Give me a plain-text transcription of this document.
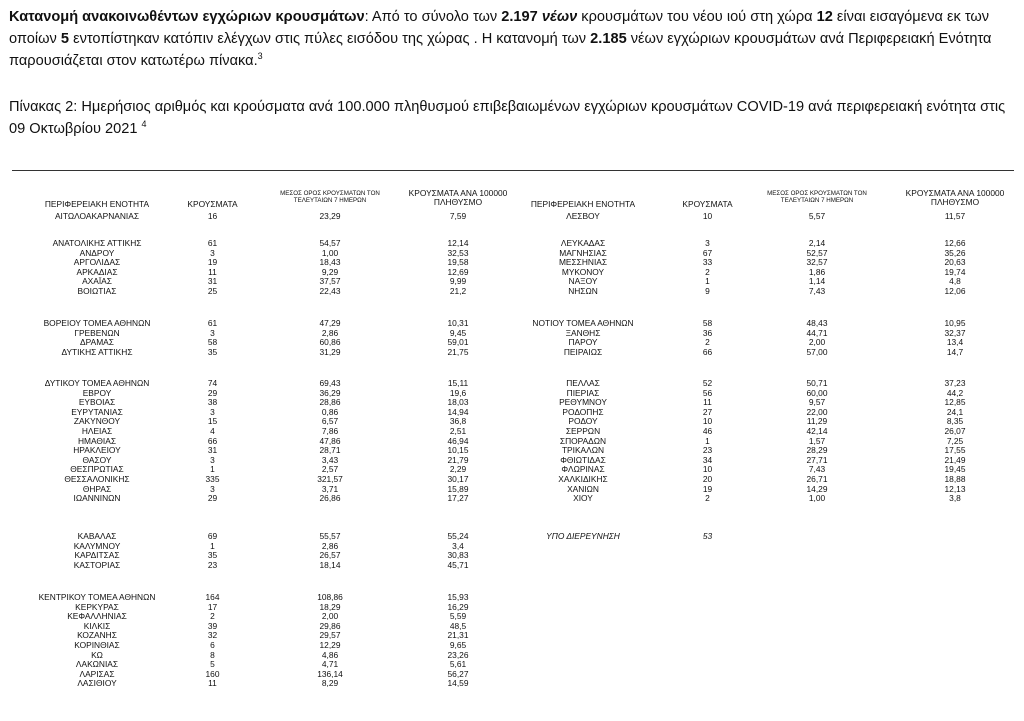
Κατανομή ανακοινωθέντων εγχώριων κρουσμάτων: Από το σύνολο των 2.197 νέων κρουσμάτων του νέου ιού στη χώρα 12 είναι εισαγόμενα εκ των οποίων 5 εντοπίστηκαν κατόπιν ελέγχων στις πύλες εισόδου της χώρας . Η κατανομή των 2.185 νέων εγχώριων κρουσμάτων ανά Περιφερειακή Ενότητα παρουσιάζεται στον κατωτέρω πίνακα.$^3$
Πίνακας 2: Ημερήσιος αριθμός και κρούσματα ανά 100.000 πληθυσμού επιβεβαιωμένων εγχώριων κρουσμάτων COVID-19 ανά περιφερειακή ενότητα στις 09 Οκτωβρίου 2021 $^4$
ΠΕΡΙΦΕΡΕΙΑΚΗ ΕΝΟΤΗΤΑ	ΚΡΟΥΣΜΑΤΑ
ΜΕΣΟΣ ΟΡΟΣ ΚΡΟΥΣΜΑΤΩΝ ΤΟΝ ΤΕΛΕΥΤΑΙΩΝ 7 ΗΜΕΡΩΝ
ΚΡΟΥΣΜΑΤΑ ΑΝΑ 100000 ΠΛΗΘΥΣΜΟ
ΑΙΤΩΛΟΑΚΑΡΝΑΝΙΑΣ	16	23,29	7,59
ΑΝΑΤΟΛΙΚΗΣ ΑΤΤΙΚΗΣ	61	54,57	12,14
ΑΝΔΡΟΥ	3	1,00	32,53
ΑΡΓΟΛΙΔΑΣ	19	18,43	19,58
ΑΡΚΑΔΙΑΣ	11	9,29	12,69
ΑΧΑΪΑΣ	31	37,57	9,99
ΒΟΙΩΤΙΑΣ	25	22,43	21,2
ΒΟΡΕΙΟΥ ΤΟΜΕΑ ΑΘΗΝΩΝ	61	47,29	10,31
ΓΡΕΒΕΝΩΝ	3	2,86	9,45
ΔΡΑΜΑΣ	58	60,86	59,01
ΔΥΤΙΚΗΣ ΑΤΤΙΚΗΣ	35	31,29	21,75
ΔΥΤΙΚΟΥ ΤΟΜΕΑ ΑΘΗΝΩΝ	74	69,43	15,11
ΕΒΡΟΥ	29	36,29	19,6
ΕΥΒΟΙΑΣ	38	28,86	18,03
ΕΥΡΥΤΑΝΙΑΣ	3	0,86	14,94
ΖΑΚΥΝΘΟΥ	15	6,57	36,8
ΗΛΕΙΑΣ	4	7,86	2,51
ΗΜΑΘΙΑΣ	66	47,86	46,94
ΗΡΑΚΛΕΙΟΥ	31	28,71	10,15
ΘΑΣΟΥ	3	3,43	21,79
ΘΕΣΠΡΩΤΙΑΣ	1	2,57	2,29
ΘΕΣΣΑΛΟΝΙΚΗΣ	335	321,57	30,17
ΘΗΡΑΣ	3	3,71	15,89
ΙΩΑΝΝΙΝΩΝ	29	26,86	17,27
ΚΑΒΑΛΑΣ	69	55,57	55,24
ΚΑΛΥΜΝΟΥ	1	2,86	3,4
ΚΑΡΔΙΤΣΑΣ	35	26,57	30,83
ΚΑΣΤΟΡΙΑΣ	23	18,14	45,71
ΚΕΝΤΡΙΚΟΥ ΤΟΜΕΑ ΑΘΗΝΩΝ	164	108,86	15,93
ΚΕΡΚΥΡΑΣ	17	18,29	16,29
ΚΕΦΑΛΛΗΝΙΑΣ	2	2,00	5,59
ΚΙΛΚΙΣ	39	29,86	48,5
ΚΟΖΑΝΗΣ	32	29,57	21,31
ΚΟΡΙΝΘΙΑΣ	6	12,29	9,65
ΚΩ	8	4,86	23,26
ΛΑΚΩΝΙΑΣ	5	4,71	5,61
ΛΑΡΙΣΑΣ	160	136,14	56,27
ΛΑΣΙΘΙΟΥ	11	8,29	14,59
ΠΕΡΙΦΕΡΕΙΑΚΗ ΕΝΟΤΗΤΑ	ΚΡΟΥΣΜΑΤΑ
ΜΕΣΟΣ ΟΡΟΣ ΚΡΟΥΣΜΑΤΩΝ ΤΟΝ ΤΕΛΕΥΤΑΙΩΝ 7 ΗΜΕΡΩΝ
ΚΡΟΥΣΜΑΤΑ ΑΝΑ 100000 ΠΛΗΘΥΣΜΟ
ΛΕΣΒΟΥ	10	5,57	11,57
ΛΕΥΚΑΔΑΣ	3	2,14	12,66
ΜΑΓΝΗΣΙΑΣ	67	52,57	35,26
ΜΕΣΣΗΝΙΑΣ	33	32,57	20,63
ΜΥΚΟΝΟΥ	2	1,86	19,74
ΝΑΞΟΥ	1	1,14	4,8
ΝΗΣΩΝ	9	7,43	12,06
ΝΟΤΙΟΥ ΤΟΜΕΑ ΑΘΗΝΩΝ	58	48,43	10,95
ΞΑΝΘΗΣ	36	44,71	32,37
ΠΑΡΟΥ	2	2,00	13,4
ΠΕΙΡΑΙΩΣ	66	57,00	14,7
ΠΕΛΛΑΣ	52	50,71	37,23
ΠΙΕΡΙΑΣ	56	60,00	44,2
ΡΕΘΥΜΝΟΥ	11	9,57	12,85
ΡΟΔΟΠΗΣ	27	22,00	24,1
ΡΟΔΟΥ	10	11,29	8,35
ΣΕΡΡΩΝ	46	42,14	26,07
ΣΠΟΡΑΔΩΝ	1	1,57	7,25
ΤΡΙΚΑΛΩΝ	23	28,29	17,55
ΦΘΙΩΤΙΔΑΣ	34	27,71	21,49
ΦΛΩΡΙΝΑΣ	10	7,43	19,45
ΧΑΛΚΙΔΙΚΗΣ	20	26,71	18,88
ΧΑΝΙΩΝ	19	14,29	12,13
ΧΙΟΥ	2	1,00	3,8
ΥΠΟ ΔΙΕΡΕΥΝΗΣΗ	53
